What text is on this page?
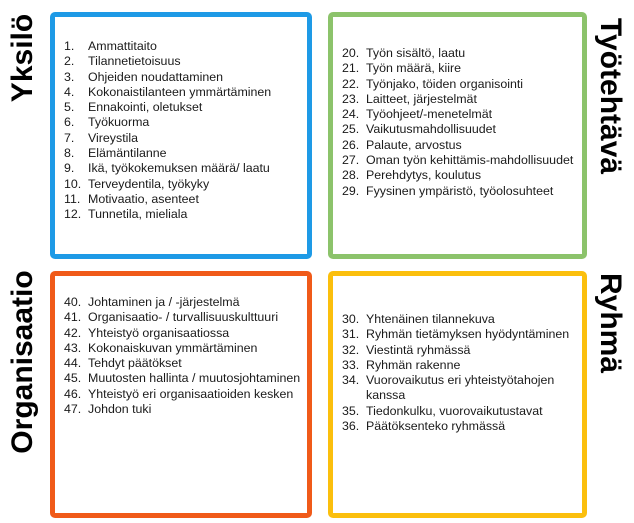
Yksilö
Organisaatio
Työtehtävä
Ryhmä
1.	Ammattitaito
2.	Tilannetietoisuus
3.	Ohjeiden noudattaminen
4.	Kokonaistilanteen ymmärtäminen
5.	Ennakointi, oletukset
6.	Työkuorma
7.	Vireystila
8.	Elämäntilanne
9.	Ikä, työkokemuksen määrä/ laatu
10. Terveydentila, työkyky
11. Motivaatio, asenteet
12. Tunnetila, mielialа
20. Työn sisältö, laatu
21. Työn määrä, kiire
22. Työnjako, töiden organisointi
23. Laitteet, järjestelmät
24. Työohjeet/-menetelmät
25. Vaikutusmahdollisuudet
26. Palaute, arvostus
27. Oman työn kehittämis-mahdollisuudet
28. Perehdytys, koulutus
29. Fyysinen ympäristö, työolosuhteet
40. Johtaminen ja / -järjestelmä
41. Organisaatio- / turvallisuuskulttuuri
42. Yhteistyö organisaatiossa
43. Kokonaiskuvan ymmärtäminen
44. Tehdyt päätökset
45. Muutosten hallinta / muutosjohtaminen
46. Yhteistyö eri organisaatioiden kesken
47. Johdon tuki
30. Yhtenäinen tilannekuva
31. Ryhmän tietämyksen hyödyntäminen
32. Viestintä ryhmässä
33. Ryhmän rakenne
34. Vuorovaikutus eri yhteistyötahojen kanssa
35. Tiedonkulku, vuorovaikutustavat
36. Päätöksenteko ryhmässä
